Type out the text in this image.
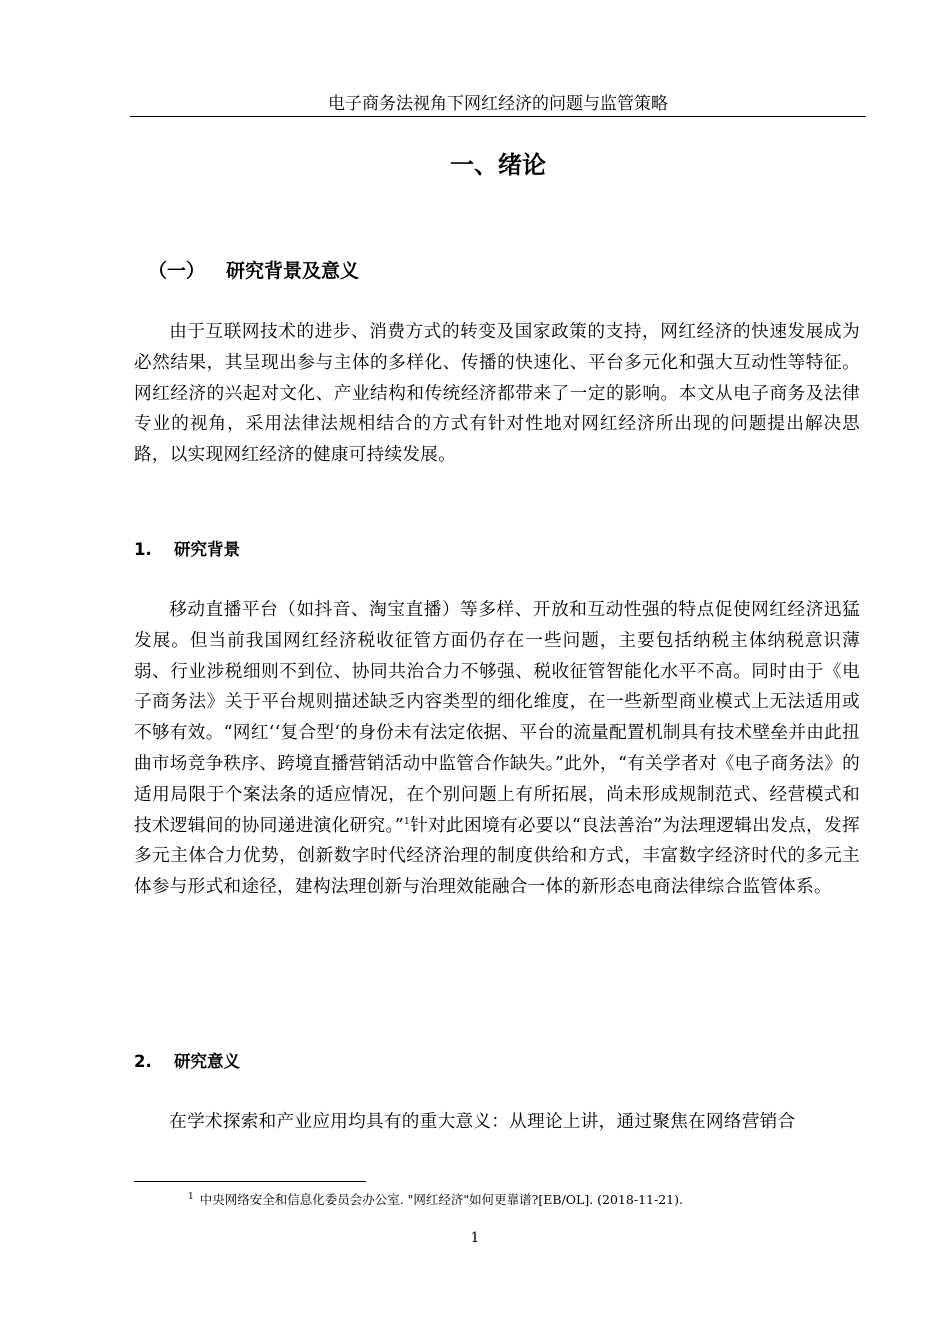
电子商务法视角下网红经济的问题与监管策略
一、绪论
（一） 研究背景及意义

由于互联网技术的进步、消费方式的转变及国家政策的支持，网红经济的快速发展成为必然结果，其呈现出参与主体的多样化、传播的快速化、平台多元化和强大互动性等特征。网红经济的兴起对文化、产业结构和传统经济都带来了一定的影响。本文从电子商务及法律专业的视角，采用法律法规相结合的方式有针对性地对网红经济所出现的问题提出解决思路，以实现网红经济的健康可持续发展。

1. 研究背景

移动直播平台（如抖音、淘宝直播）等多样、开放和互动性强的特点促使网红经济迅猛发展。但当前我国网红经济税收征管方面仍存在一些问题，主要包括纳税主体纳税意识薄弱、行业涉税细则不到位、协同共治合力不够强、税收征管智能化水平不高。同时由于《电子商务法》关于平台规则描述缺乏内容类型的细化维度，在一些新型商业模式上无法适用或不够有效。“网红‘‘复合型‘的身份未有法定依据、平台的流量配置机制具有技术壁垒并由此扭曲市场竞争秩序、跨境直播营销活动中监管合作缺失。”此外，“有关学者对《电子商务法》的适用局限于个案法条的适应情况，在个别问题上有所拓展，尚未形成规制范式、经营模式和技术逻辑间的协同递进演化研究。”$^1$针对此困境有必要以“良法善治”为法理逻辑出发点，发挥多元主体合力优势，创新数字时代经济治理的制度供给和方式，丰富数字经济时代的多元主体参与形式和途径，建构法理创新与治理效能融合一体的新形态电商法律综合监管体系。

2. 研究意义

在学术探索和产业应用均具有的重大意义：从理论上讲，通过聚焦在网络营销合

$^1$ 中央网络安全和信息化委员会办公室. "网红经济"如何更靠谱?[EB/OL]. (2018-11-21).
1
